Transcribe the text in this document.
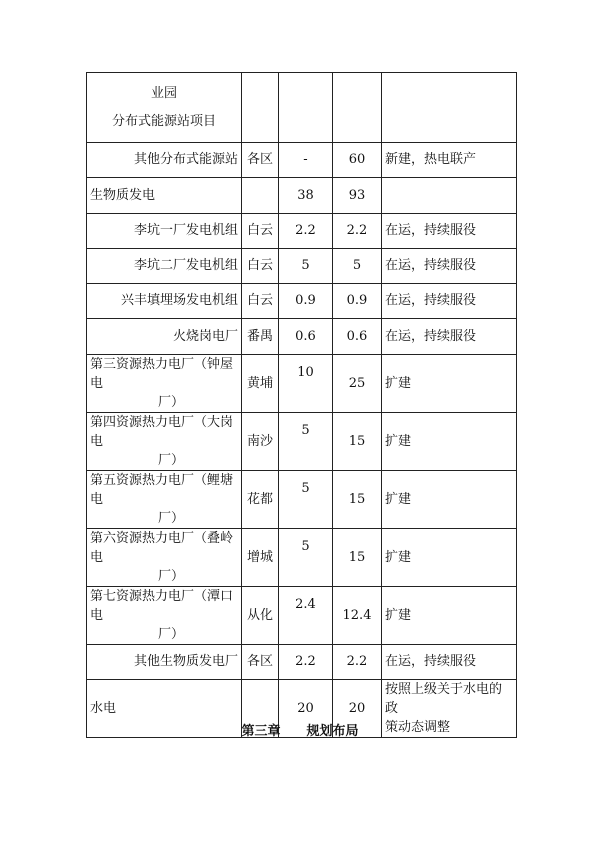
业园
分布式能源站项目				

其他分布式能源站	各区	-	60	新建，热电联产
生物质发电		38	93	
李坑一厂发电机组	白云	2.2	2.2	在运，持续服役
李坑二厂发电机组	白云	5	5	在运，持续服役
兴丰填埋场发电机组	白云	0.9	0.9	在运，持续服役
火烧岗电厂	番禺	0.6	0.6	在运，持续服役

第三资源热力电厂（钟屋电
厂）	黄埔	10	25	扩建

第四资源热力电厂（大岗电
厂）	南沙	5	15	扩建

第五资源热力电厂（鲤塘电
厂）	花都	5	15	扩建

第六资源热力电厂（叠岭电
厂）	增城	5	15	扩建

第七资源热力电厂（潭口电
厂）	从化	2.4	12.4	扩建
其他生物质发电厂	各区	2.2	2.2	在运，持续服役
水电		20	20	按照上级关于水电的政
策动态调整
第三章 规划布局
